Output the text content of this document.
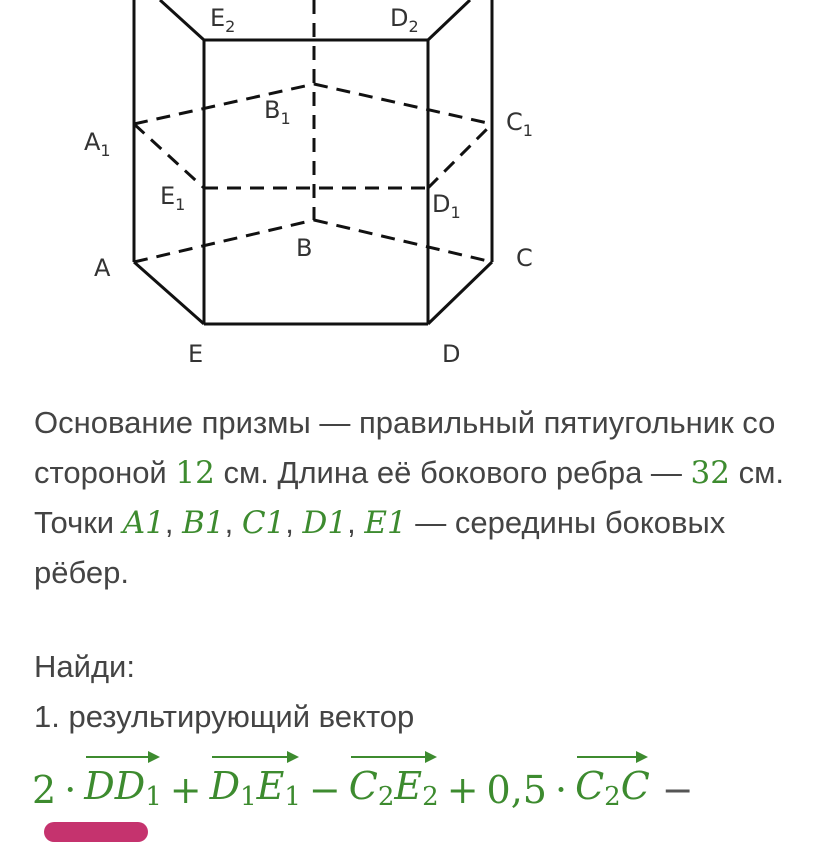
$E_2$	$D_2$
$B_1$
$A_1$
$C_1$
$E_1$	$D_1$
A
B	C
E	D
Основание призмы — правильный пятиугольник со стороной 12 см. Длина её бокового ребра — 32 см. Точки A1, B1, C1, D1, E1 — середины боковых рёбер.
Найди:
1. результирующий вектор
$2 \cdot DD_1 + D_1E_1 - C_2E_2 + 0,5 \cdot C_2C$ −
